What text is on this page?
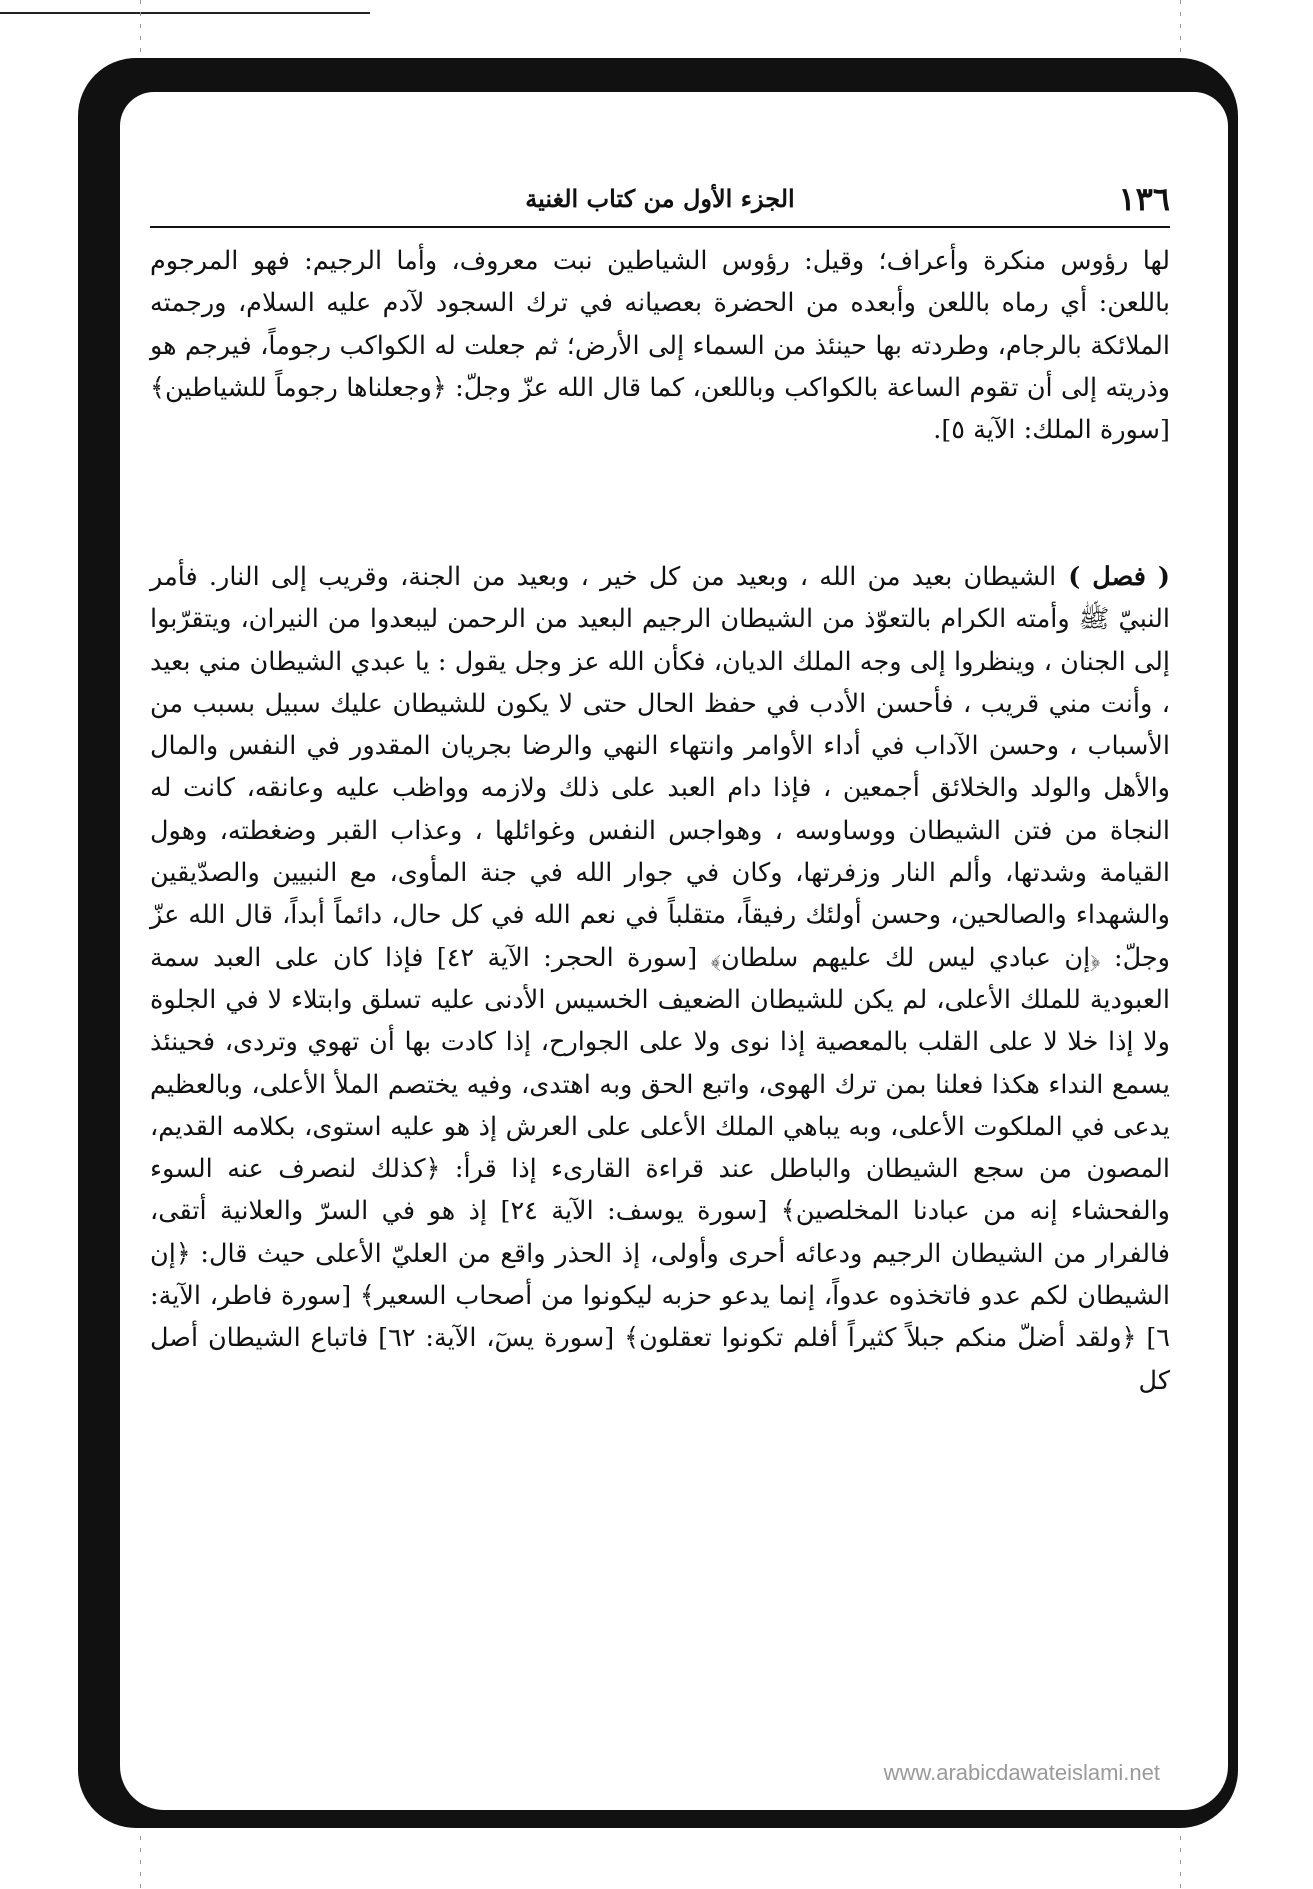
١٣٦
الجزء الأول من كتاب الغنية

لها رؤوس منكرة وأعراف؛ وقيل: رؤوس الشياطين نبت معروف، وأما الرجيم: فهو المرجوم باللعن: أي رماه باللعن وأبعده من الحضرة بعصيانه في ترك السجود لآدم عليه السلام، ورجمته الملائكة بالرجام، وطردته بها حينئذ من السماء إلى الأرض؛ ثم جعلت له الكواكب رجوماً، فيرجم هو وذريته إلى أن تقوم الساعة بالكواكب وباللعن، كما قال الله عزّ وجلّ: ﴿وجعلناها رجوماً للشياطين﴾ [سورة الملك: الآية ٥].

( فصل ) الشيطان بعيد من الله ، وبعيد من كل خير ، وبعيد من الجنة، وقريب إلى النار. فأمر النبيّ ﷺ وأمته الكرام بالتعوّذ من الشيطان الرجيم البعيد من الرحمن ليبعدوا من النيران، ويتقرّبوا إلى الجنان ، وينظروا إلى وجه الملك الديان، فكأن الله عز وجل يقول : يا عبدي الشيطان مني بعيد ، وأنت مني قريب ، فأحسن الأدب في حفظ الحال حتى لا يكون للشيطان عليك سبيل بسبب من الأسباب ، وحسن الآداب في أداء الأوامر وانتهاء النهي والرضا بجريان المقدور في النفس والمال والأهل والولد والخلائق أجمعين ، فإذا دام العبد على ذلك ولازمه وواظب عليه وعانقه، كانت له النجاة من فتن الشيطان ووساوسه ، وهواجس النفس وغوائلها ، وعذاب القبر وضغطته، وهول القيامة وشدتها، وألم النار وزفرتها، وكان في جوار الله في جنة المأوى، مع النبيين والصدّيقين والشهداء والصالحين، وحسن أولئك رفيقاً، متقلباً في نعم الله في كل حال، دائماً أبداً، قال الله عزّ وجلّ: ﴿إن عبادي ليس لك عليهم سلطان﴾ [سورة الحجر: الآية ٤٢] فإذا كان على العبد سمة العبودية للملك الأعلى، لم يكن للشيطان الضعيف الخسيس الأدنى عليه تسلق وابتلاء لا في الجلوة ولا إذا خلا لا على القلب بالمعصية إذا نوى ولا على الجوارح، إذا كادت بها أن تهوي وتردى، فحينئذ يسمع النداء هكذا فعلنا بمن ترك الهوى، واتبع الحق وبه اهتدى، وفيه يختصم الملأ الأعلى، وبالعظيم يدعى في الملكوت الأعلى، وبه يباهي الملك الأعلى على العرش إذ هو عليه استوى، بكلامه القديم، المصون من سجع الشيطان والباطل عند قراءة القارىء إذا قرأ: ﴿كذلك لنصرف عنه السوء والفحشاء إنه من عبادنا المخلصين﴾ [سورة يوسف: الآية ٢٤] إذ هو في السرّ والعلانية أتقى، فالفرار من الشيطان الرجيم ودعائه أحرى وأولى، إذ الحذر واقع من العليّ الأعلى حيث قال: ﴿إن الشيطان لكم عدو فاتخذوه عدواً، إنما يدعو حزبه ليكونوا من أصحاب السعير﴾ [سورة فاطر، الآية: ٦] ﴿ولقد أضلّ منكم جبلاً كثيراً أفلم تكونوا تعقلون﴾ [سورة يسٓ، الآية: ٦٢] فاتباع الشيطان أصل كل

www.arabicdawateislami.net
